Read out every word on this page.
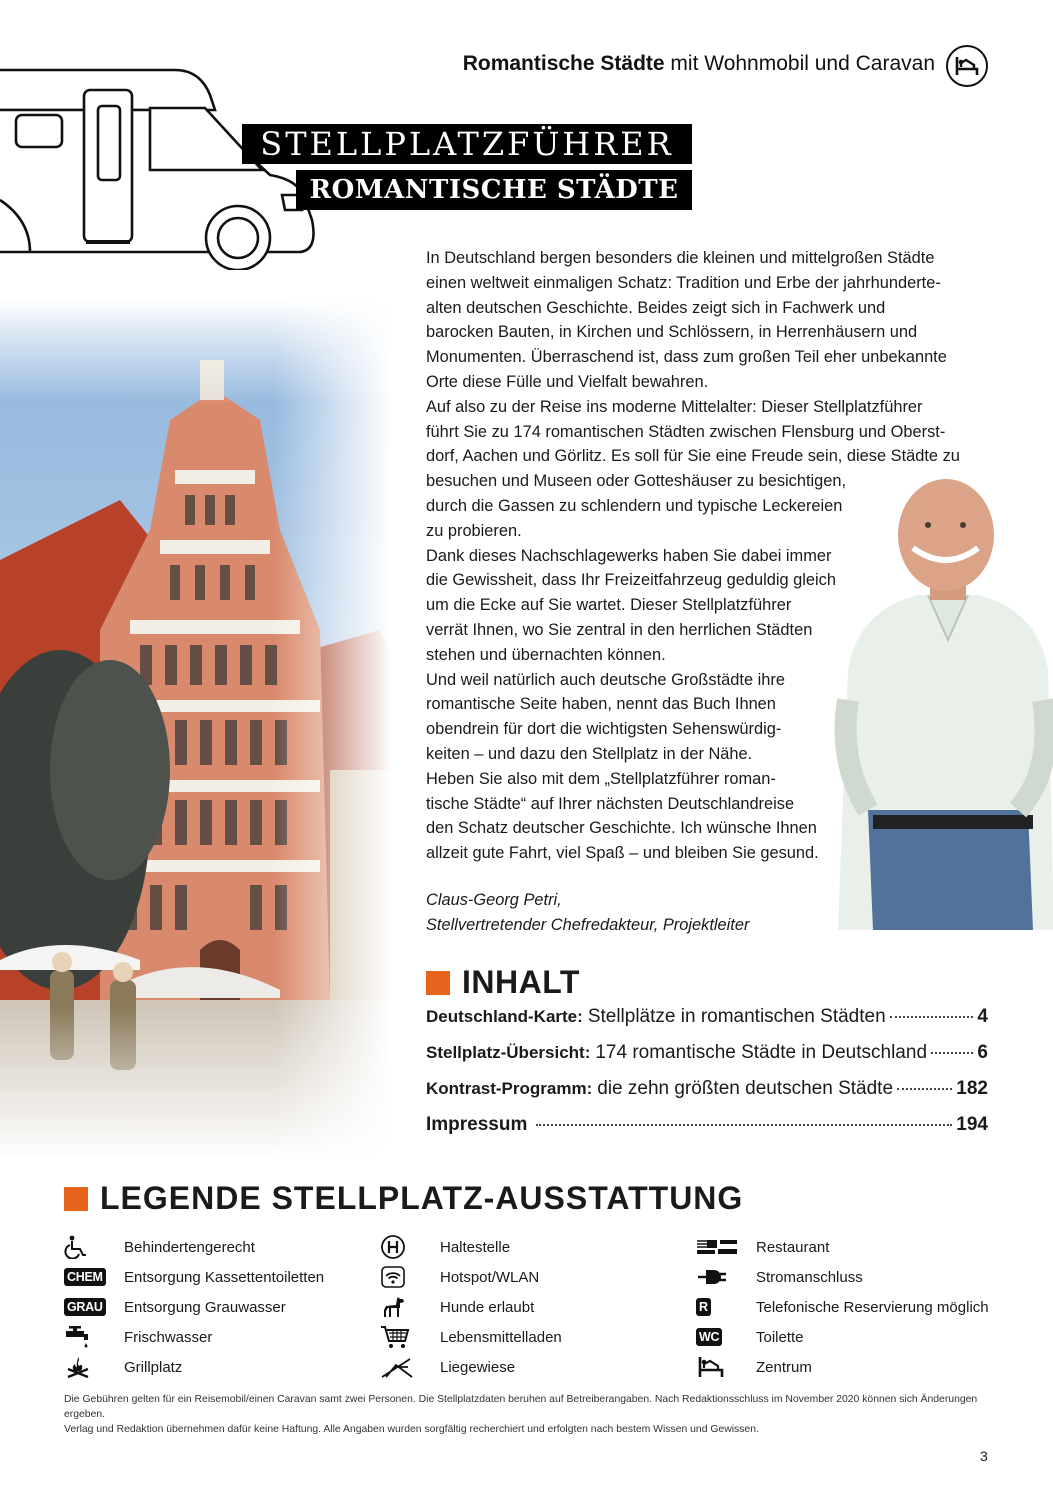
Romantische Städte mit Wohnmobil und Caravan
STELLPLATZFÜHRER
ROMANTISCHE STÄDTE

In Deutschland bergen besonders die kleinen und mittelgroßen Städte

einen weltweit einmaligen Schatz: Tradition und Erbe der jahrhunderte-

alten deutschen Geschichte. Beides zeigt sich in Fachwerk und

barocken Bauten, in Kirchen und Schlössern, in Herrenhäusern und

Monumenten. Überraschend ist, dass zum großen Teil eher unbekannte

Orte diese Fülle und Vielfalt bewahren.

Auf also zu der Reise ins moderne Mittelalter: Dieser Stellplatzführer

führt Sie zu 174 romantischen Städten zwischen Flensburg und Oberst-

dorf, Aachen und Görlitz. Es soll für Sie eine Freude sein, diese Städte zu

besuchen und Museen oder Gotteshäuser zu besichtigen,

durch die Gassen zu schlendern und typische Leckereien

zu probieren.

Dank dieses Nachschlagewerks haben Sie dabei immer

die Gewissheit, dass Ihr Freizeitfahrzeug geduldig gleich

um die Ecke auf Sie wartet. Dieser Stellplatzführer

verrät Ihnen, wo Sie zentral in den herrlichen Städten

stehen und übernachten können.

Und weil natürlich auch deutsche Großstädte ihre

romantische Seite haben, nennt das Buch Ihnen

obendrein für dort die wichtigsten Sehenswürdig-

keiten – und dazu den Stellplatz in der Nähe.

Heben Sie also mit dem „Stellplatzführer roman-

tische Städte“ auf Ihrer nächsten Deutschlandreise

den Schatz deutscher Geschichte. Ich wünsche Ihnen

allzeit gute Fahrt, viel Spaß – und bleiben Sie gesund.

Claus-Georg Petri,
Stellvertretender Chefredakteur, Projektleiter
INHALT
Deutschland-Karte: Stellplätze in romantischen Städten	4
Stellplatz-Übersicht: 174 romantische Städte in Deutschland	6
Kontrast-Programm: die zehn größten deutschen Städte	182
Impressum	194
LEGENDE STELLPLATZ-AUSSTATTUNG
Behindertengerecht
CHEM Entsorgung Kassettentoiletten
GRAU Entsorgung Grauwasser
Frischwasser
Grillplatz
Haltestelle
Hotspot/WLAN
Hunde erlaubt
Lebensmittelladen
Liegewiese
Restaurant
Stromanschluss
R	Telefonische Reservierung möglich
WC Toilette
Zentrum
Die Gebühren gelten für ein Reisemobil/einen Caravan samt zwei Personen. Die Stellplatzdaten beruhen auf Betreiberangaben. Nach Redaktionsschluss im November 2020 können sich Änderungen ergeben.
Verlag und Redaktion übernehmen dafür keine Haftung. Alle Angaben wurden sorgfältig recherchiert und erfolgten nach bestem Wissen und Gewissen.
3
